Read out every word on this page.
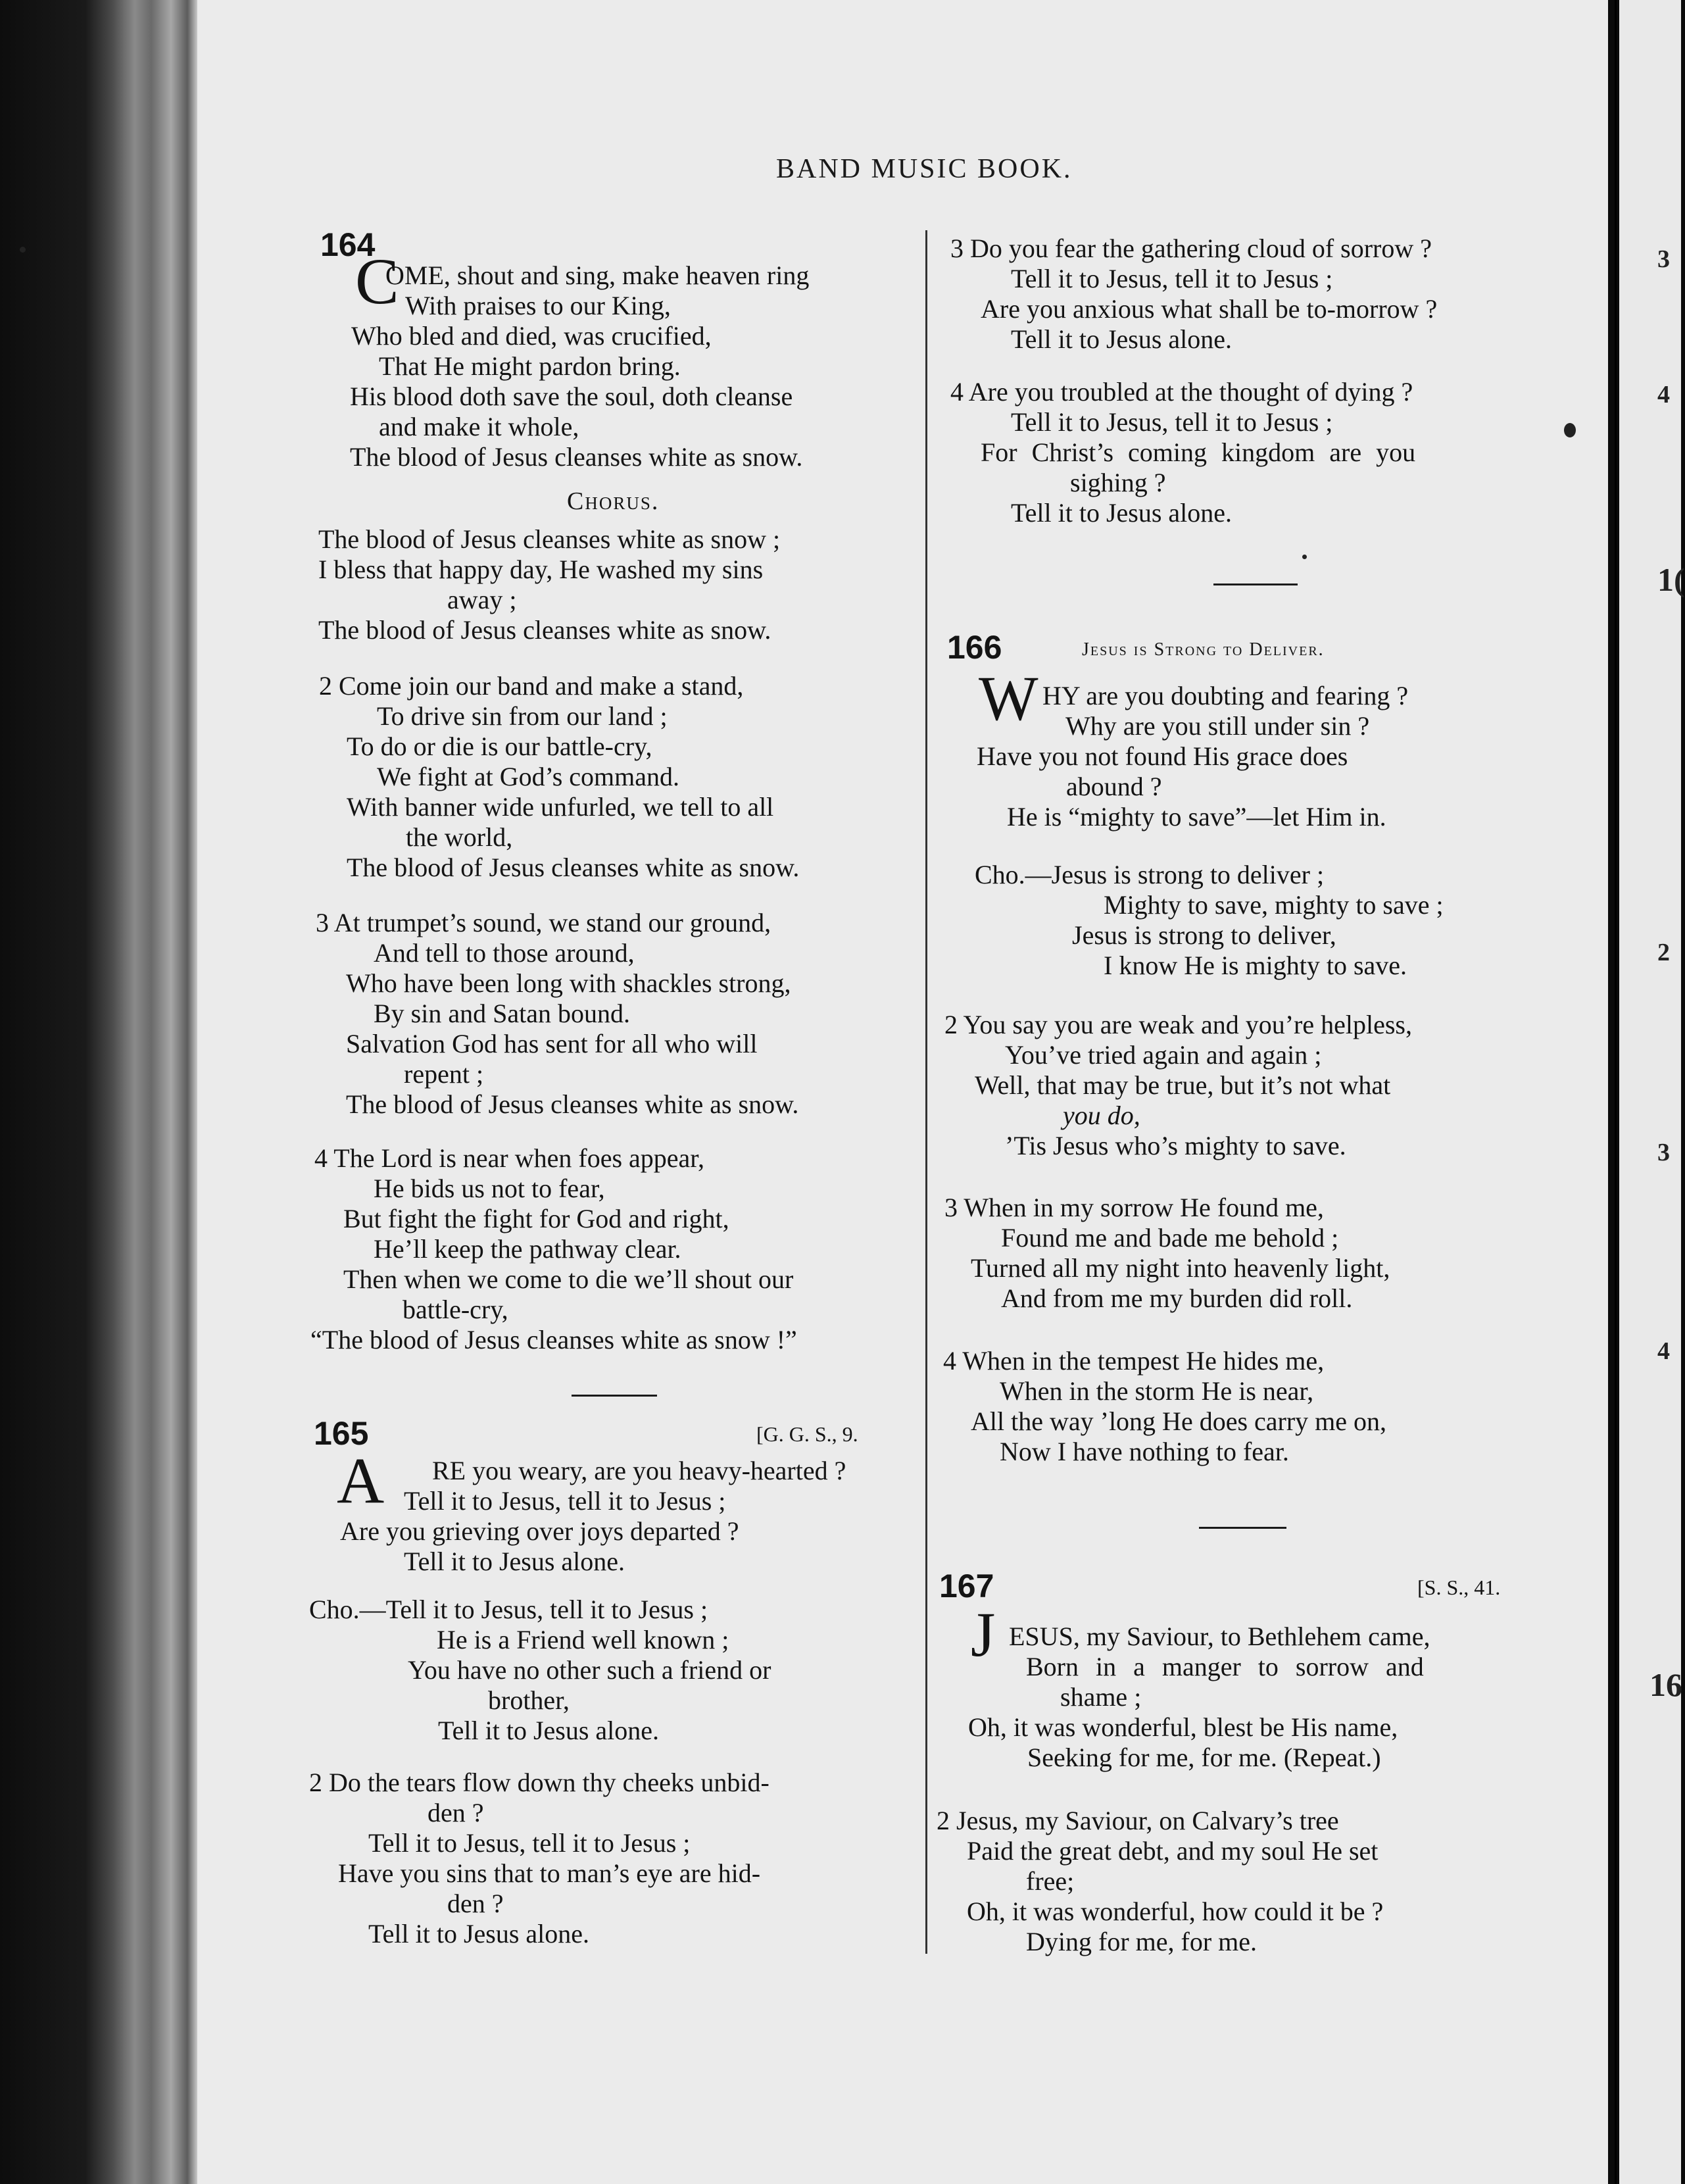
3
4
1(
2
3
4
16
BAND MUSIC BOOK.
164
C
OME, shout and sing, make heaven ring
With praises to our King,
Who bled and died, was crucified,
That He might pardon bring.
His blood doth save the soul, doth cleanse
and make it whole,
The blood of Jesus cleanses white as snow.
Chorus.
The blood of Jesus cleanses white as snow ;
I bless that happy day, He washed my sins
away ;
The blood of Jesus cleanses white as snow.
2 Come join our band and make a stand,
To drive sin from our land ;
To do or die is our battle-cry,
We fight at God’s command.
With banner wide unfurled, we tell to all
the world,
The blood of Jesus cleanses white as snow.
3 At trumpet’s sound, we stand our ground,
And tell to those around,
Who have been long with shackles strong,
By sin and Satan bound.
Salvation God has sent for all who will
repent ;
The blood of Jesus cleanses white as snow.
4 The Lord is near when foes appear,
He bids us not to fear,
But fight the fight for God and right,
He’ll keep the pathway clear.
Then when we come to die we’ll shout our
battle-cry,
“The blood of Jesus cleanses white as snow !”
165	[G. G. S., 9.
A RE you weary, are you heavy-hearted ?
Tell it to Jesus, tell it to Jesus ;
Are you grieving over joys departed ?
Tell it to Jesus alone.
Cho.—Tell it to Jesus, tell it to Jesus ;
He is a Friend well known ;
You have no other such a friend or
brother,
Tell it to Jesus alone.
2 Do the tears flow down thy cheeks unbid-
den ?
Tell it to Jesus, tell it to Jesus ;
Have you sins that to man’s eye are hid-
den ?
Tell it to Jesus alone.
3 Do you fear the gathering cloud of sorrow ?
Tell it to Jesus, tell it to Jesus ;
Are you anxious what shall be to-morrow ?
Tell it to Jesus alone.
4 Are you troubled at the thought of dying ?
Tell it to Jesus, tell it to Jesus ;
For Christ’s coming kingdom are you
sighing ?
Tell it to Jesus alone.
166	Jesus is Strong to Deliver.
W HY are you doubting and fearing ?
Why are you still under sin ?
Have you not found His grace does
abound ?
He is “mighty to save”—let Him in.
Cho.—Jesus is strong to deliver ;
Mighty to save, mighty to save ;
Jesus is strong to deliver,
I know He is mighty to save.
2 You say you are weak and you’re helpless,
You’ve tried again and again ;
Well, that may be true, but it’s not what
you do,
’Tis Jesus who’s mighty to save.
3 When in my sorrow He found me,
Found me and bade me behold ;
Turned all my night into heavenly light,
And from me my burden did roll.
4 When in the tempest He hides me,
When in the storm He is near,
All the way ’long He does carry me on,
Now I have nothing to fear.
167	[S. S., 41.
J ESUS, my Saviour, to Bethlehem came,
Born in a manger to sorrow and
shame ;
Oh, it was wonderful, blest be His name,
Seeking for me, for me. (Repeat.)
2 Jesus, my Saviour, on Calvary’s tree
Paid the great debt, and my soul He set
free;
Oh, it was wonderful, how could it be ?
Dying for me, for me.
